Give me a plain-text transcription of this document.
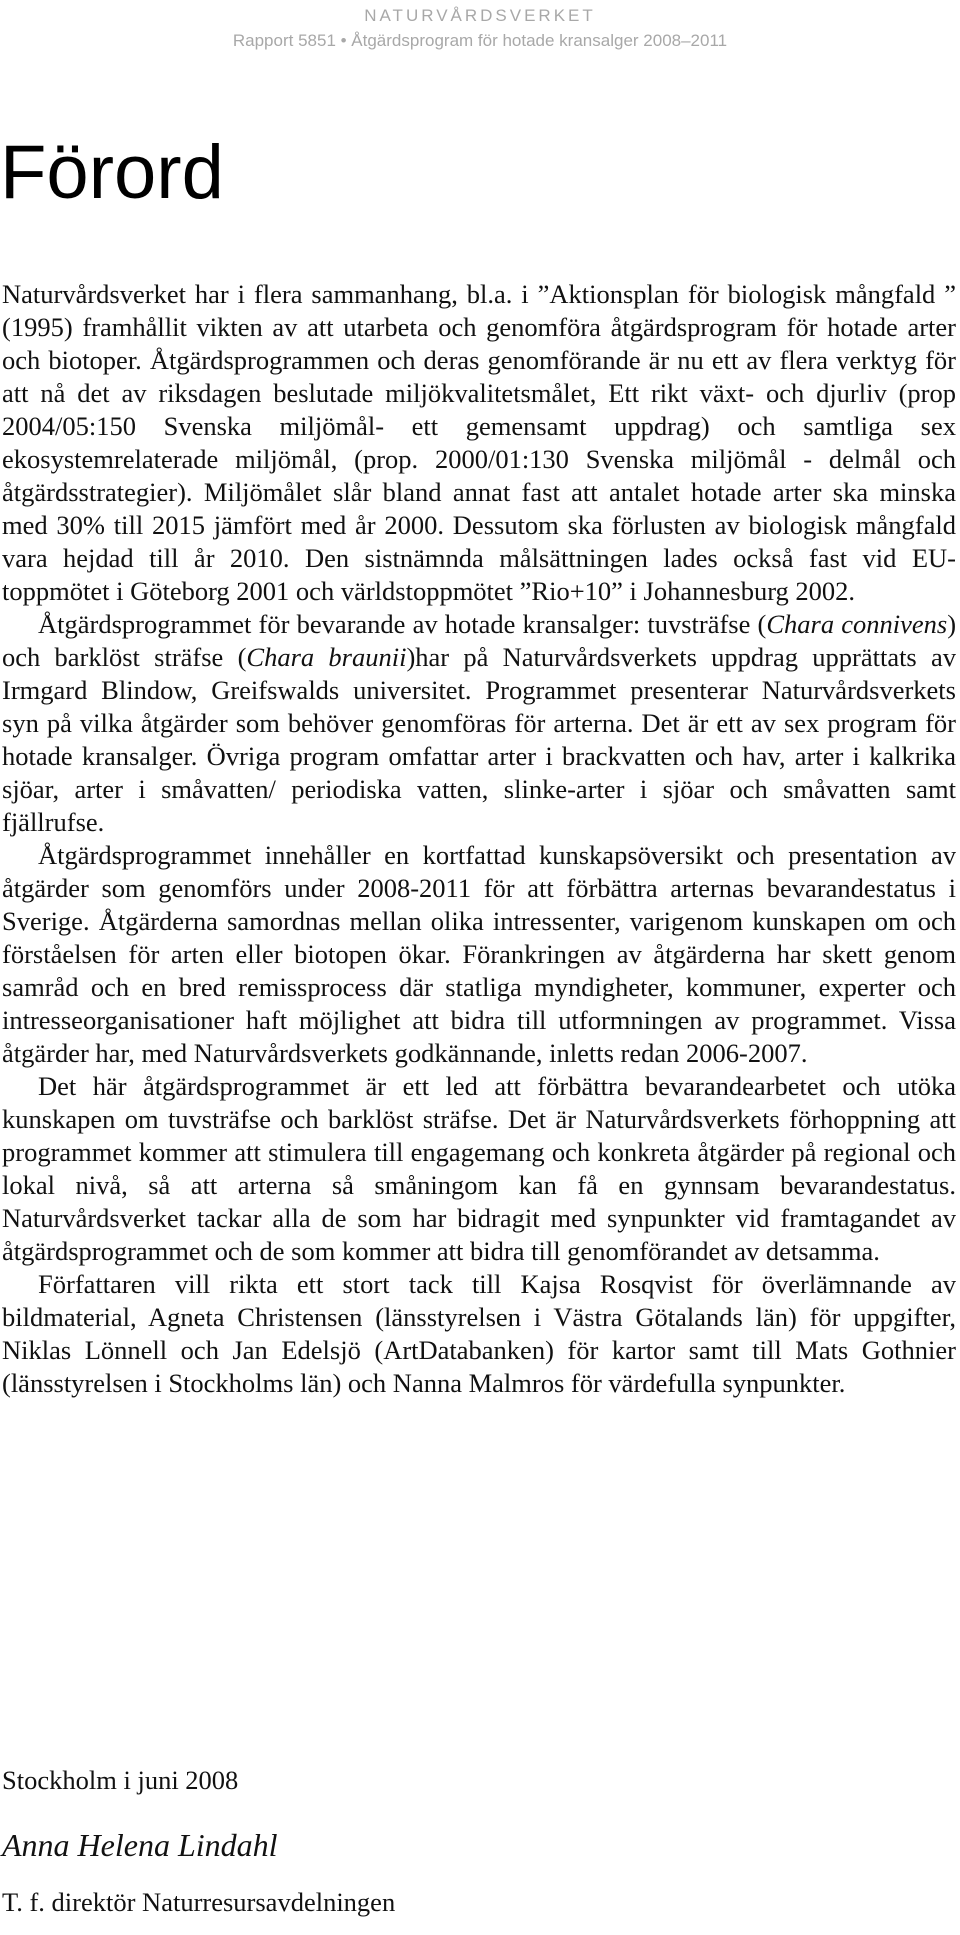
NATURVÅRDSVERKET
Rapport 5851 • Åtgärdsprogram för hotade kransalger 2008–2011
Förord

Naturvårdsverket har i flera sammanhang, bl.a. i ”Aktionsplan för biologisk mångfald ” (1995) framhållit vikten av att utarbeta och genomföra åtgärdsprogram för hotade arter och biotoper. Åtgärdsprogrammen och deras genomförande är nu ett av flera verktyg för att nå det av riksdagen beslutade miljökvalitetsmålet, Ett rikt växt- och djurliv (prop 2004/05:150 Svenska miljömål- ett gemensamt uppdrag) och samtliga sex ekosystemrelaterade miljömål, (prop. 2000/01:130 Svenska miljömål - delmål och åtgärdsstrategier). Miljömålet slår bland annat fast att antalet hotade arter ska minska med 30% till 2015 jämfört med år 2000. Dessutom ska förlusten av biologisk mångfald vara hejdad till år 2010. Den sistnämnda målsättningen lades också fast vid EU-toppmötet i Göteborg 2001 och världstoppmötet ”Rio+10” i Johannesburg 2002.

Åtgärdsprogrammet för bevarande av hotade kransalger: tuvsträfse (Chara connivens) och barklöst sträfse (Chara braunii)har på Naturvårdsverkets uppdrag upprättats av Irmgard Blindow, Greifswalds universitet. Programmet presenterar Naturvårdsverkets syn på vilka åtgärder som behöver genomföras för arterna. Det är ett av sex program för hotade kransalger. Övriga program omfattar arter i brackvatten och hav, arter i kalkrika sjöar, arter i småvatten/ periodiska vatten, slinke-arter i sjöar och småvatten samt fjällrufse.

Åtgärdsprogrammet innehåller en kortfattad kunskapsöversikt och presentation av åtgärder som genomförs under 2008-2011 för att förbättra arternas bevarandestatus i Sverige. Åtgärderna samordnas mellan olika intressenter, varigenom kunskapen om och förståelsen för arten eller biotopen ökar. Förankringen av åtgärderna har skett genom samråd och en bred remissprocess där statliga myndigheter, kommuner, experter och intresseorganisationer haft möjlighet att bidra till utformningen av programmet. Vissa åtgärder har, med Naturvårdsverkets godkännande, inletts redan 2006-2007.

Det här åtgärdsprogrammet är ett led att förbättra bevarandearbetet och utöka kunskapen om tuvsträfse och barklöst sträfse. Det är Naturvårdsverkets förhoppning att programmet kommer att stimulera till engagemang och konkreta åtgärder på regional och lokal nivå, så att arterna så småningom kan få en gynnsam bevarandestatus. Naturvårdsverket tackar alla de som har bidragit med synpunkter vid framtagandet av åtgärdsprogrammet och de som kommer att bidra till genomförandet av detsamma.

Författaren vill rikta ett stort tack till Kajsa Rosqvist för överlämnande av bildmaterial, Agneta Christensen (länsstyrelsen i Västra Götalands län) för uppgifter, Niklas Lönnell och Jan Edelsjö (ArtDatabanken) för kartor samt till Mats Gothnier (länsstyrelsen i Stockholms län) och Nanna Malmros för värdefulla synpunkter.

Stockholm i juni 2008
Anna Helena Lindahl
T. f. direktör Naturresursavdelningen
